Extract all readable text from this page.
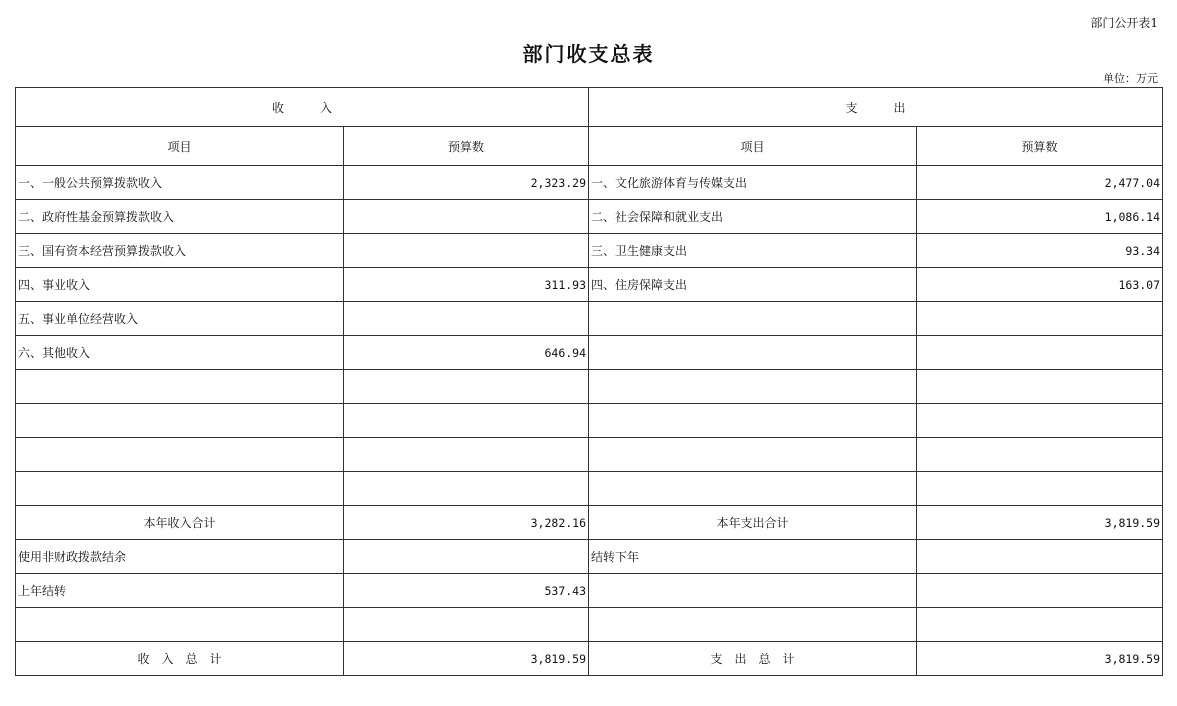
部门公开表1
部门收支总表
单位：万元
收　　　入		支　　　出	
项目	预算数	项目	预算数
一、一般公共预算拨款收入	2,323.29	一、文化旅游体育与传媒支出	2,477.04
二、政府性基金预算拨款收入		二、社会保障和就业支出	1,086.14
三、国有资本经营预算拨款收入		三、卫生健康支出	93.34
四、事业收入	311.93	四、住房保障支出	163.07
五、事业单位经营收入			
六、其他收入	646.94		

本年收入合计	3,282.16	本年支出合计	3,819.59
使用非财政拨款结余		结转下年	
上年结转	537.43		

收　入　总　计	3,819.59	支　出　总　计	3,819.59
